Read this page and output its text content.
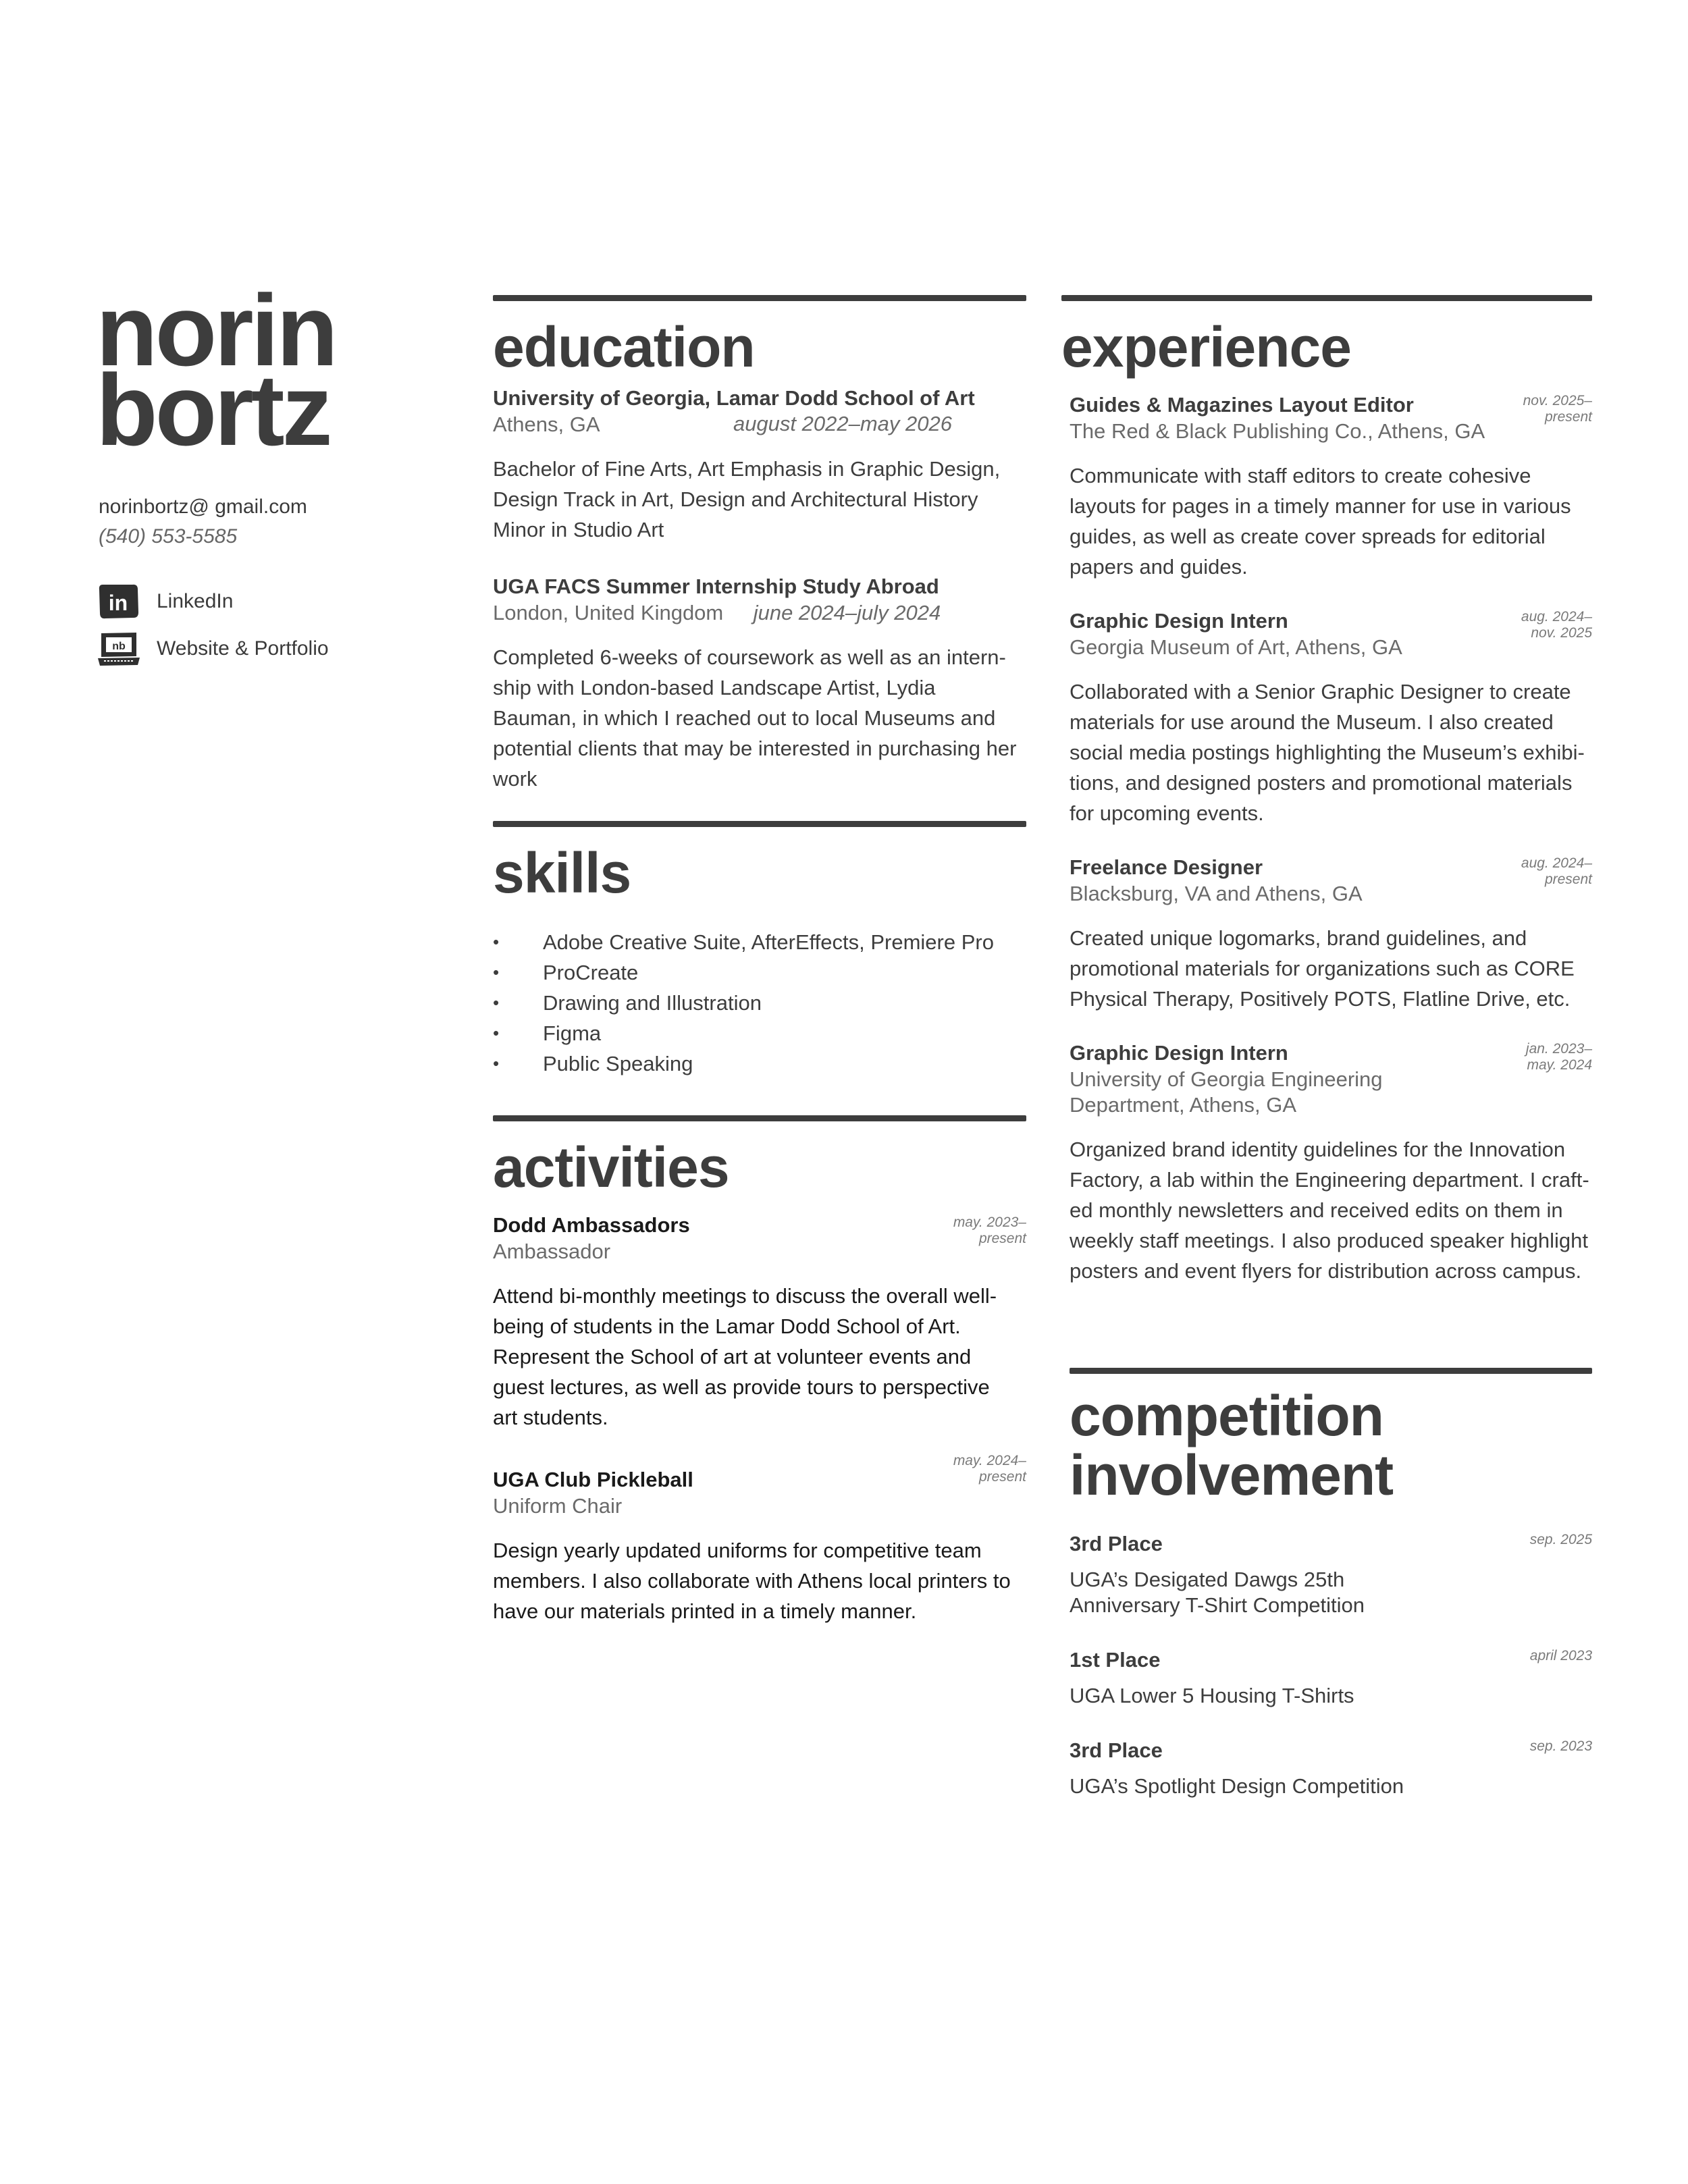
norin
bortz
norinbortz@ gmail.com
(540) 553-5585
in LinkedIn
nb Website & Portfolio
education
University of Georgia, Lamar Dodd School of Art
Athens, GA	august 2022–may 2026
Bachelor of Fine Arts, Art Emphasis in Graphic Design, Design Track in Art, Design and Architectural History Minor in Studio Art
UGA FACS Summer Internship Study Abroad
London, United Kingdom june 2024–july 2024
Completed 6-weeks of coursework as well as an intern- ship with London-based Landscape Artist, Lydia Bauman, in which I reached out to local Museums and potential clients that may be interested in purchasing her work
skills
• Adobe Creative Suite, AfterEffects, Premiere Pro
• ProCreate
• Drawing and Illustration
• Figma
• Public Speaking
activities
Dodd Ambassadors
Ambassador
may. 2023–
present
Attend bi-monthly meetings to discuss the overall well-being of students in the Lamar Dodd School of Art. Represent the School of art at volunteer events and guest lectures, as well as provide tours to perspective art students.
UGA Club Pickleball
Uniform Chair
may. 2024–
present
Design yearly updated uniforms for competitive team members. I also collaborate with Athens local printers to have our materials printed in a timely manner.
experience
Guides & Magazines Layout Editor
The Red & Black Publishing Co., Athens, GA
nov. 2025–
present
Communicate with staff editors to create cohesive layouts for pages in a timely manner for use in various guides, as well as create cover spreads for editorial papers and guides.
Graphic Design Intern
Georgia Museum of Art, Athens, GA
aug. 2024–
nov. 2025
Collaborated with a Senior Graphic Designer to create materials for use around the Museum. I also created social media postings highlighting the Museum’s exhibi- tions, and designed posters and promotional materials for upcoming events.
Freelance Designer
Blacksburg, VA and Athens, GA
aug. 2024–
present
Created unique logomarks, brand guidelines, and promotional materials for organizations such as CORE Physical Therapy, Positively POTS, Flatline Drive, etc.
Graphic Design Intern
University of Georgia Engineering Department, Athens, GA
jan. 2023–
may. 2024
Organized brand identity guidelines for the Innovation Factory, a lab within the Engineering department. I craft- ed monthly newsletters and received edits on them in weekly staff meetings. I also produced speaker highlight posters and event flyers for distribution across campus.
competition
involvement
3rd Place	sep. 2025
UGA’s Desigated Dawgs 25th Anniversary T-Shirt Competition
1st Place	april 2023
UGA Lower 5 Housing T-Shirts
3rd Place	sep. 2023
UGA’s Spotlight Design Competition
